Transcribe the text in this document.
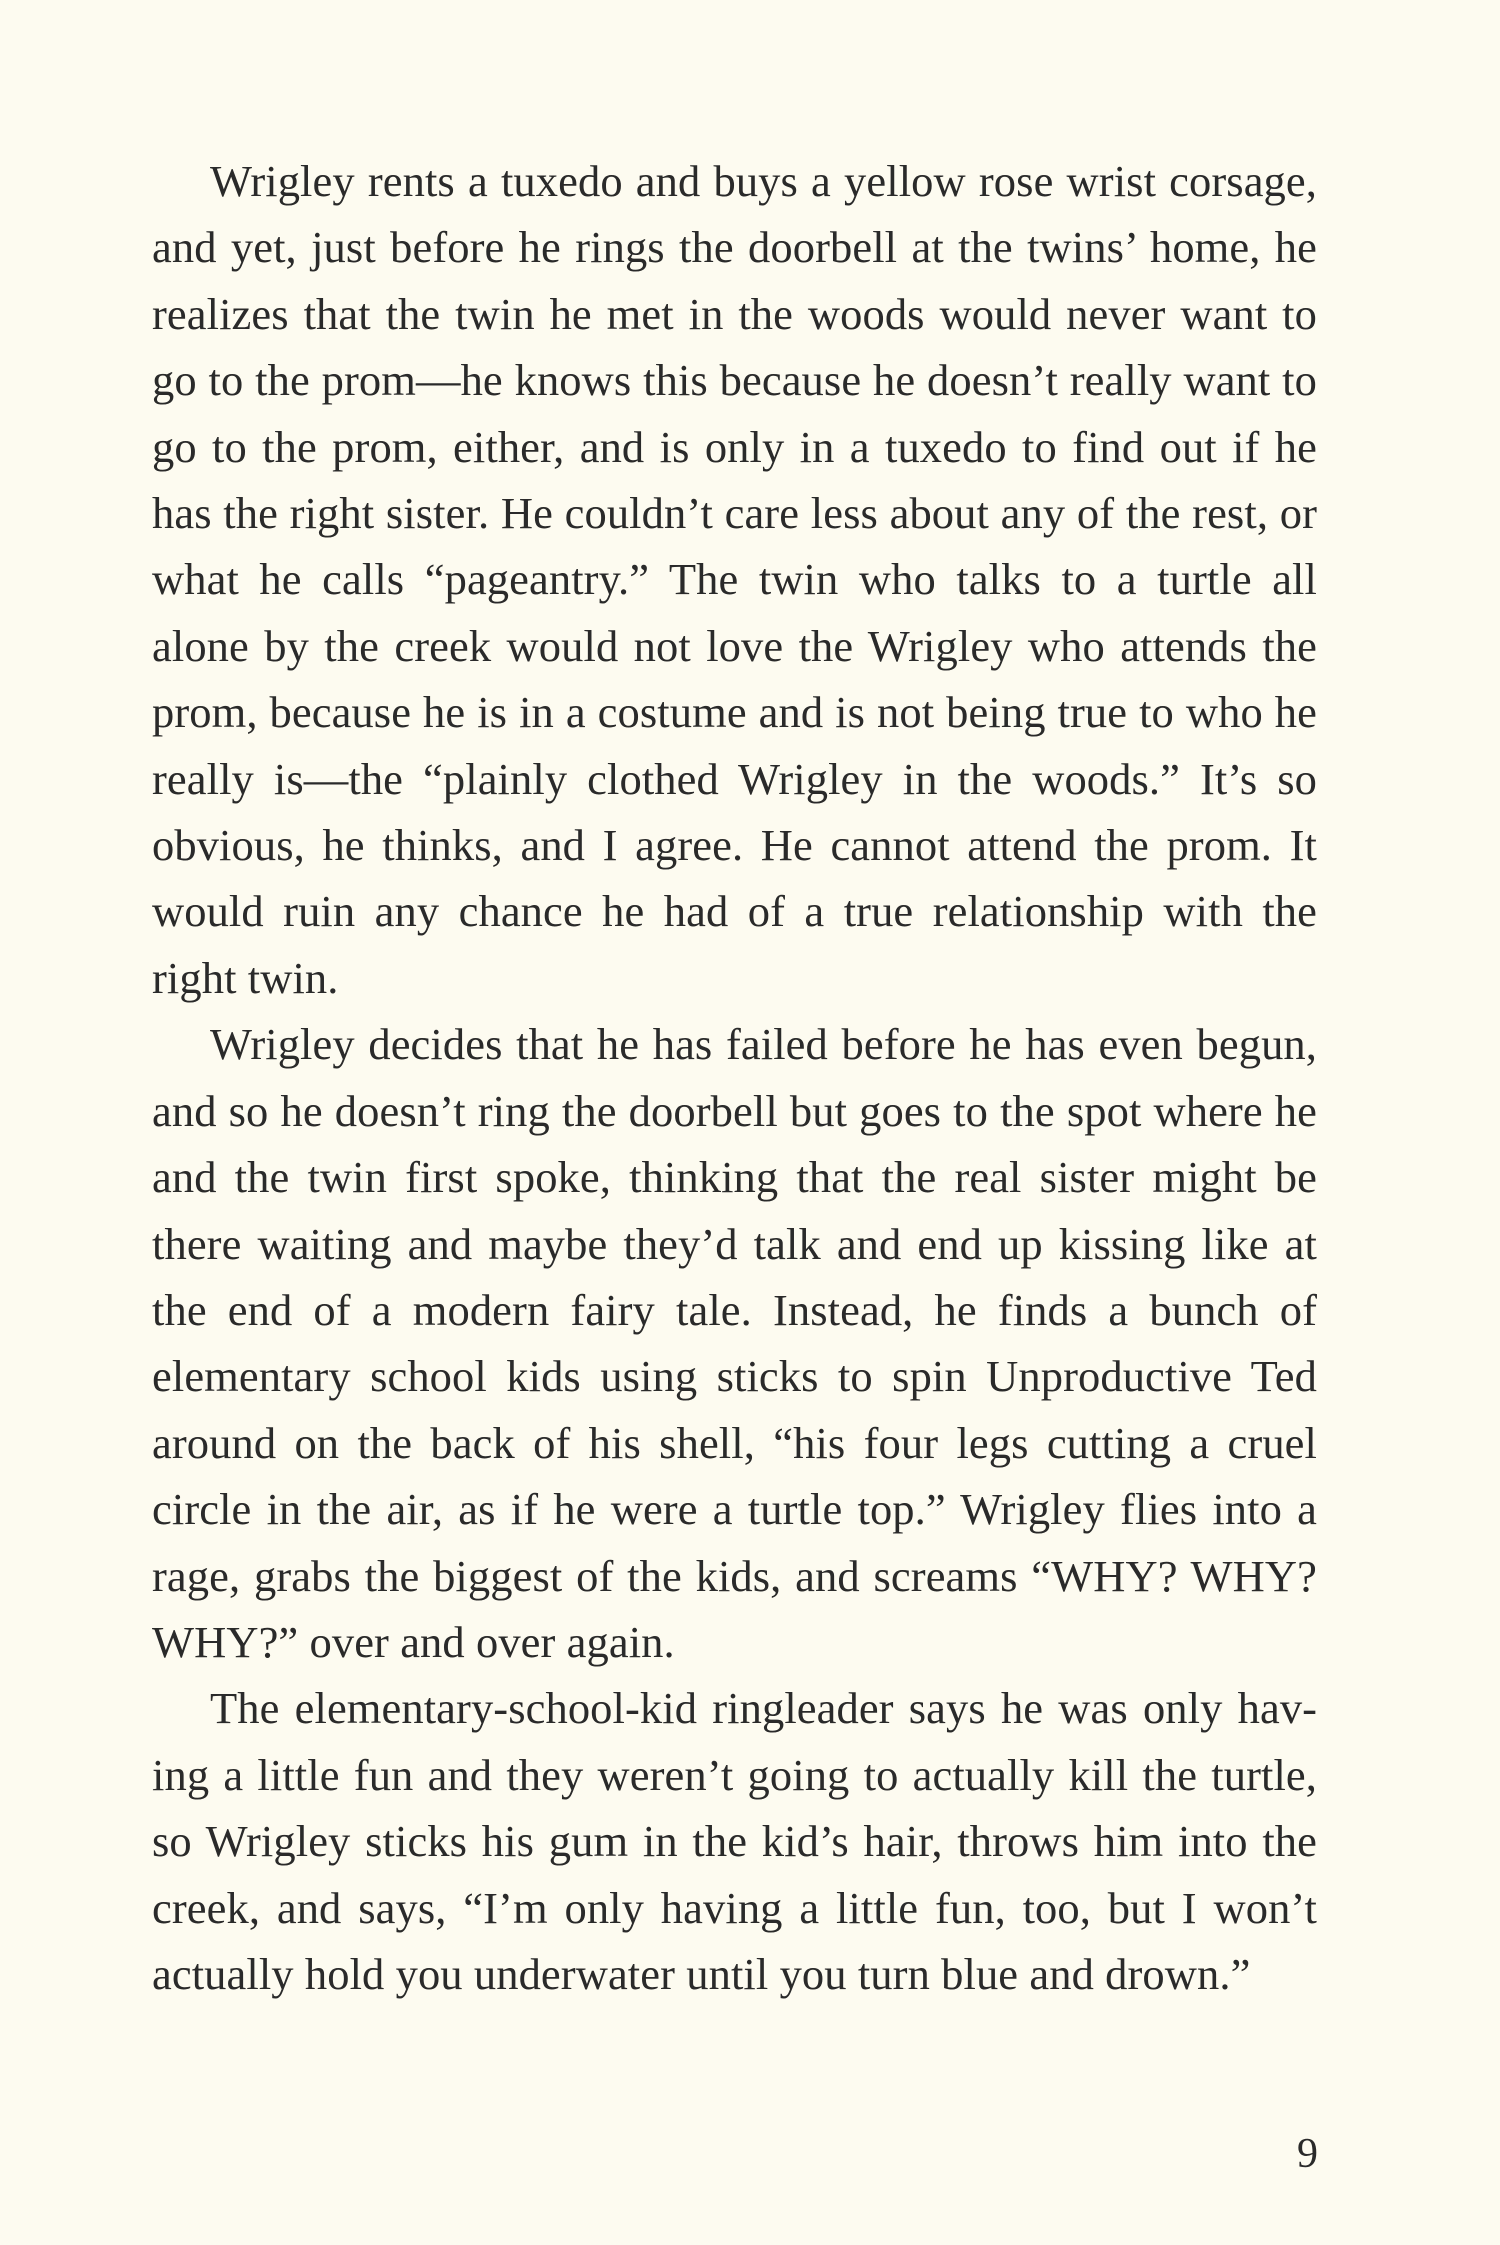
Wrigley rents a tuxedo and buys a yellow rose wrist corsage, and yet, just before he rings the doorbell at the twins’ home, he realizes that the twin he met in the woods would never want to go to the prom—he knows this because he doesn’t really want to go to the prom, either, and is only in a tuxedo to find out if he has the right sister. He couldn’t care less about any of the rest, or what he calls “pageantry.” The twin who talks to a turtle all alone by the creek would not love the Wrigley who attends the prom, because he is in a costume and is not being true to who he really is—the “plainly clothed Wrigley in the woods.” It’s so obvious, he thinks, and I agree. He cannot attend the prom. It would ruin any chance he had of a true relationship with the right twin.

Wrigley decides that he has failed before he has even begun, and so he doesn’t ring the doorbell but goes to the spot where he and the twin first spoke, thinking that the real sister might be there waiting and maybe they’d talk and end up kissing like at the end of a modern fairy tale. Instead, he finds a bunch of elementary school kids using sticks to spin Unproductive Ted around on the back of his shell, “his four legs cutting a cruel circle in the air, as if he were a turtle top.” Wrigley flies into a rage, grabs the biggest of the kids, and screams “WHY? WHY? WHY?” over and over again.

The elementary-school-kid ringleader says he was only having a little fun and they weren’t going to actually kill the turtle, so Wrigley sticks his gum in the kid’s hair, throws him into the creek, and says, “I’m only having a little fun, too, but I won’t actually hold you underwater until you turn blue and drown.”

9
